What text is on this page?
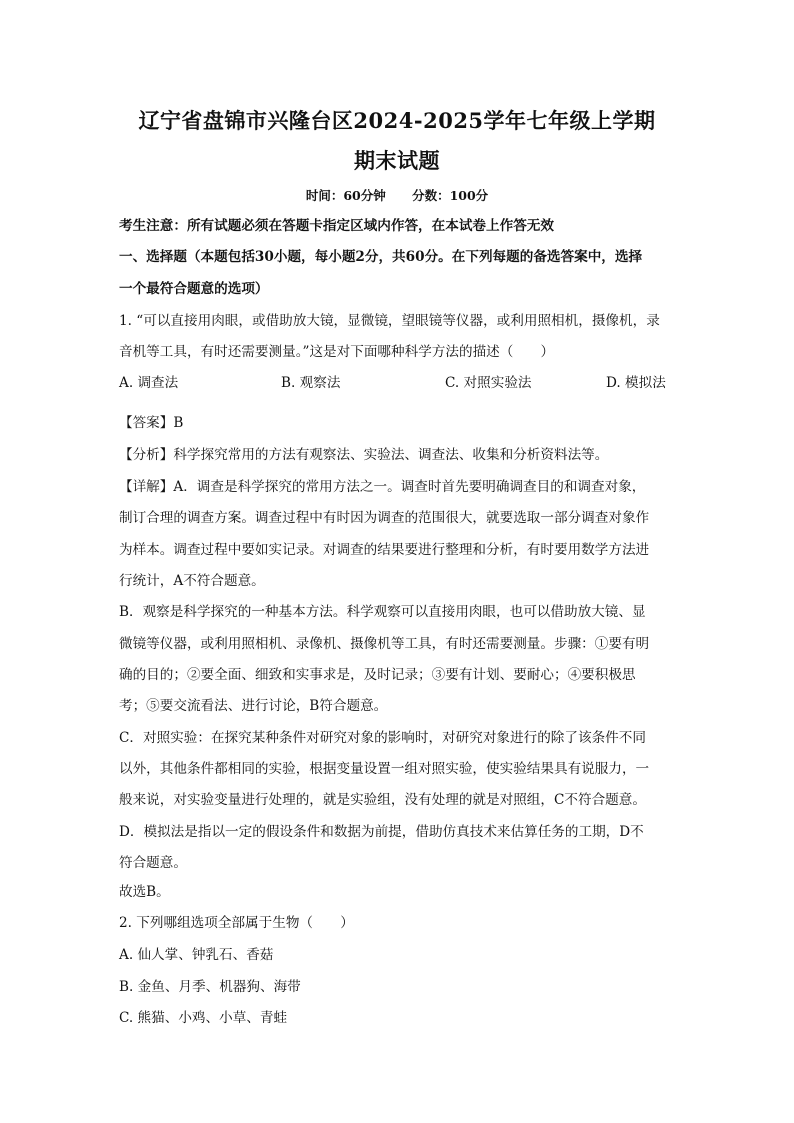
辽宁省盘锦市兴隆台区2024-2025学年七年级上学期
期末试题
时间：60分钟 分数：100分
考生注意：所有试题必须在答题卡指定区域内作答，在本试卷上作答无效
一、选择题（本题包括30小题，每小题2分，共60分。在下列每题的备选答案中，选择
一个最符合题意的选项）
1. “可以直接用肉眼，或借助放大镜，显微镜，望眼镜等仪器，或利用照相机，摄像机，录
音机等工具，有时还需要测量。”这是对下面哪种科学方法的描述（　　）
A. 调查法	B. 观察法	C. 对照实验法	D. 模拟法
【答案】B
【分析】科学探究常用的方法有观察法、实验法、调查法、收集和分析资料法等。
【详解】A．调查是科学探究的常用方法之一。调查时首先要明确调查目的和调查对象，
制订合理的调查方案。调查过程中有时因为调查的范围很大，就要选取一部分调查对象作
为样本。调查过程中要如实记录。对调查的结果要进行整理和分析，有时要用数学方法进
行统计，A不符合题意。
B．观察是科学探究的一种基本方法。科学观察可以直接用肉眼，也可以借助放大镜、显
微镜等仪器，或利用照相机、录像机、摄像机等工具，有时还需要测量。步骤：①要有明
确的目的；②要全面、细致和实事求是，及时记录；③要有计划、要耐心；④要积极思
考；⑤要交流看法、进行讨论，B符合题意。
C．对照实验：在探究某种条件对研究对象的影响时，对研究对象进行的除了该条件不同
以外，其他条件都相同的实验，根据变量设置一组对照实验，使实验结果具有说服力，一
般来说，对实验变量进行处理的，就是实验组，没有处理的就是对照组，C不符合题意。
D．模拟法是指以一定的假设条件和数据为前提，借助仿真技术来估算任务的工期，D不
符合题意。
故选B。
2. 下列哪组选项全部属于生物（　　）
A. 仙人掌、钟乳石、香菇
B. 金鱼、月季、机器狗、海带
C. 熊猫、小鸡、小草、青蛙
